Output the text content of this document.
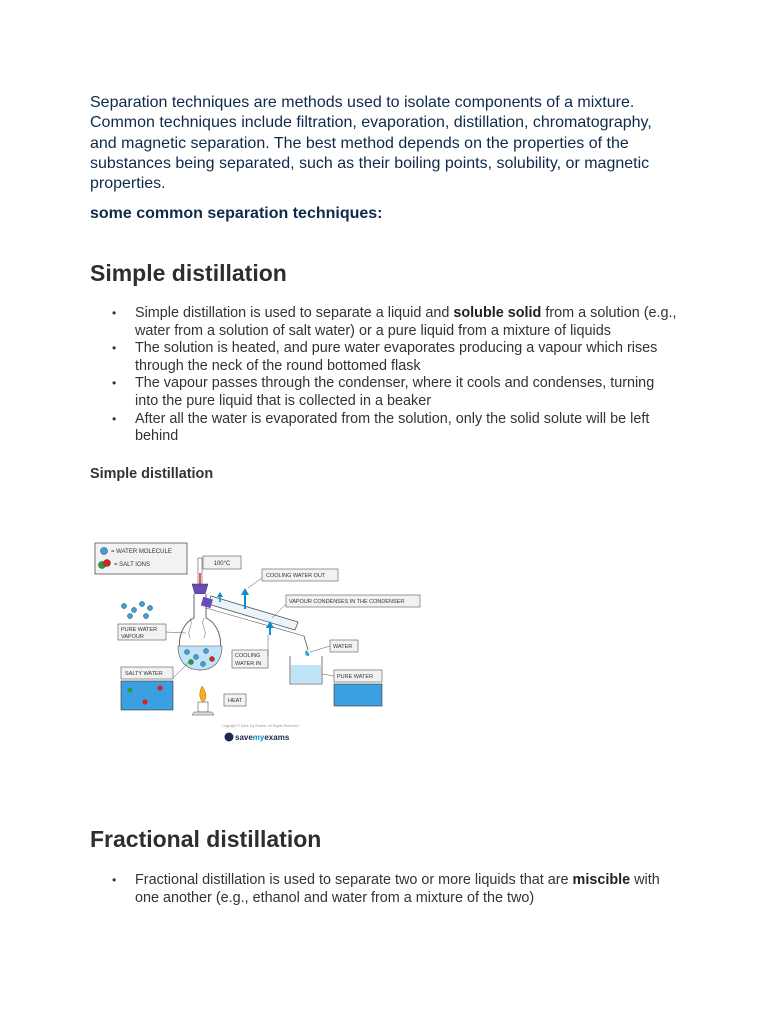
Separation techniques are methods used to isolate components of a mixture. Common techniques include filtration, evaporation, distillation, chromatography, and magnetic separation. The best method depends on the properties of the substances being separated, such as their boiling points, solubility, or magnetic properties.

some common separation techniques:

Simple distillation
• Simple distillation is used to separate a liquid and soluble solid from a solution (e.g., water from a solution of salt water) or a pure liquid from a mixture of liquids
• The solution is heated, and pure water evaporates producing a vapour which rises through the neck of the round bottomed flask
• The vapour passes through the condenser, where it cools and condenses, turning into the pure liquid that is collected in a beaker
• After all the water is evaporated from the solution, only the solid solute will be left behind

Simple distillation

Fractional distillation
• Fractional distillation is used to separate two or more liquids that are miscible with one another (e.g., ethanol and water from a mixture of the two)
= WATER MOLECULE
= SALT IONS	100°C
PURE WATER
VAPOUR
SALTY WATER
HEAT
COOLING WATER OUT
VAPOUR CONDENSES IN THE CONDENSER
COOLING
WATER IN
WATER
PURE WATER
Copyright © Save My Exams. All Rights Reserved
savemyexams
